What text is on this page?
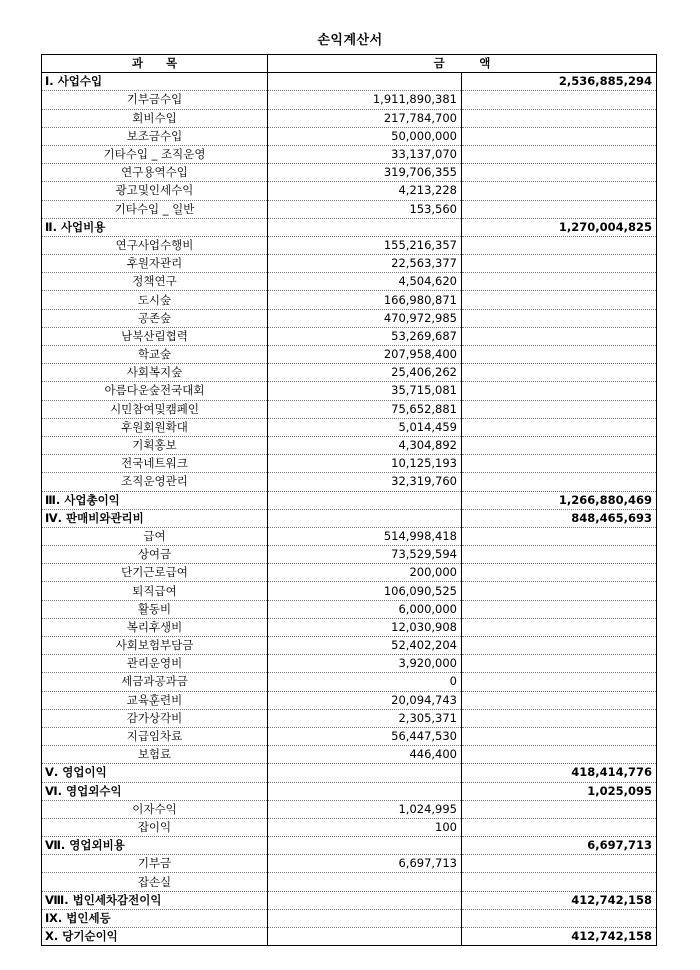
손익계산서
과　　목	금　　　액	
Ⅰ. 사업수입		2,536,885,294
기부금수입	1,911,890,381	
회비수입	217,784,700	
보조금수입	50,000,000	
기타수입 _ 조직운영	33,137,070	
연구용역수입	319,706,355	
광고및인세수익	4,213,228	
기타수입 _ 일반	153,560	
Ⅱ. 사업비용		1,270,004,825
연구사업수행비	155,216,357	
후원자관리	22,563,377	
정책연구	4,504,620	
도시숲	166,980,871	
공존숲	470,972,985	
남북산림협력	53,269,687	
학교숲	207,958,400	
사회복지숲	25,406,262	
아름다운숲전국대회	35,715,081	
시민참여및캠페인	75,652,881	
후원회원확대	5,014,459	
기획홍보	4,304,892	
전국네트워크	10,125,193	
조직운영관리	32,319,760	
Ⅲ. 사업총이익		1,266,880,469
Ⅳ. 판매비와관리비		848,465,693
급여	514,998,418	
상여금	73,529,594	
단기근로급여	200,000	
퇴직급여	106,090,525	
활동비	6,000,000	
복리후생비	12,030,908	
사회보험부담금	52,402,204	
관리운영비	3,920,000	
세금과공과금	0	
교육훈련비	20,094,743	
감가상각비	2,305,371	
지급임차료	56,447,530	
보험료	446,400	
Ⅴ. 영업이익		418,414,776
Ⅵ. 영업외수익		1,025,095
이자수익	1,024,995	
잡이익	100	
Ⅶ. 영업외비용		6,697,713
기부금	6,697,713	
잡손실		
Ⅷ. 법인세차감전이익		412,742,158
Ⅸ. 법인세등		
Ⅹ. 당기순이익		412,742,158
